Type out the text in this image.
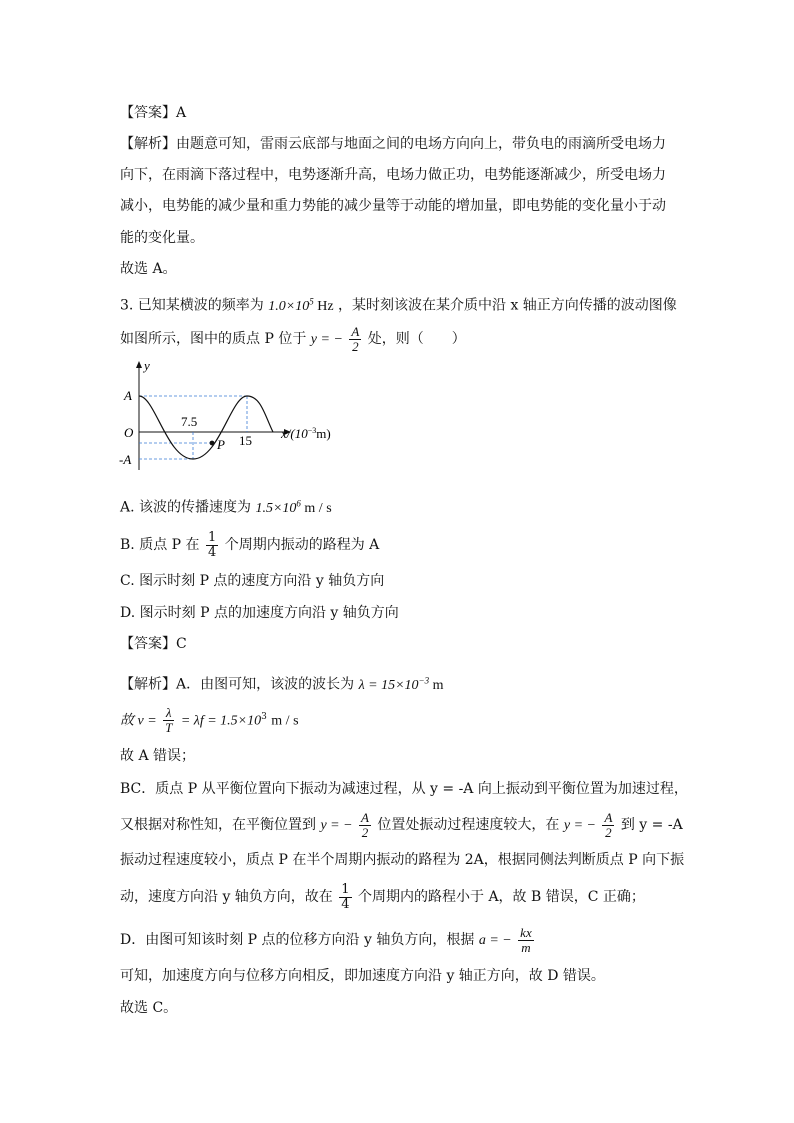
【答案】A
【解析】由题意可知，雷雨云底部与地面之间的电场方向向上，带负电的雨滴所受电场力
向下，在雨滴下落过程中，电势逐渐升高，电场力做正功，电势能逐渐减少，所受电场力
减小，电势能的减少量和重力势能的减少量等于动能的增加量，即电势能的变化量小于动
能的变化量。
故选 A。
3. 已知某横波的频率为 $1.0\times 10^5$ Hz ，某时刻该波在某介质中沿 x 轴正方向传播的波动图像
如图所示，图中的质点 P 位于 y = − $\frac{A}{2}$ 处，则（　　）
y
A
O
-A
7.5
15
P
$x/(10^{-3}m)$
A. 该波的传播速度为 $1.5\times 10^6$ m / s
B. 质点 P 在 $\frac{1}{4}$ 个周期内振动的路程为 A
C. 图示时刻 P 点的速度方向沿 y 轴负方向
D. 图示时刻 P 点的加速度方向沿 y 轴负方向
【答案】C
【解析】A．由图可知，该波的波长为 $\lambda = 15\times 10^{-3}$ m
故 $v = \frac{\lambda}{T} = \lambda f = 1.5\times 10^3$ m / s
故 A 错误；
BC．质点 P 从平衡位置向下振动为减速过程，从 y = -A 向上振动到平衡位置为加速过程，
又根据对称性知，在平衡位置到 y = − $\frac{A}{2}$ 位置处振动过程速度较大，在 y = − $\frac{A}{2}$ 到 y = -A
振动过程速度较小，质点 P 在半个周期内振动的路程为 2A，根据同侧法判断质点 P 向下振
动，速度方向沿 y 轴负方向，故在 $\frac{1}{4}$ 个周期内的路程小于 A，故 B 错误，C 正确；
D．由图可知该时刻 P 点的位移方向沿 y 轴负方向，根据 a = − $\frac{kx}{m}$
可知，加速度方向与位移方向相反，即加速度方向沿 y 轴正方向，故 D 错误。
故选 C。
